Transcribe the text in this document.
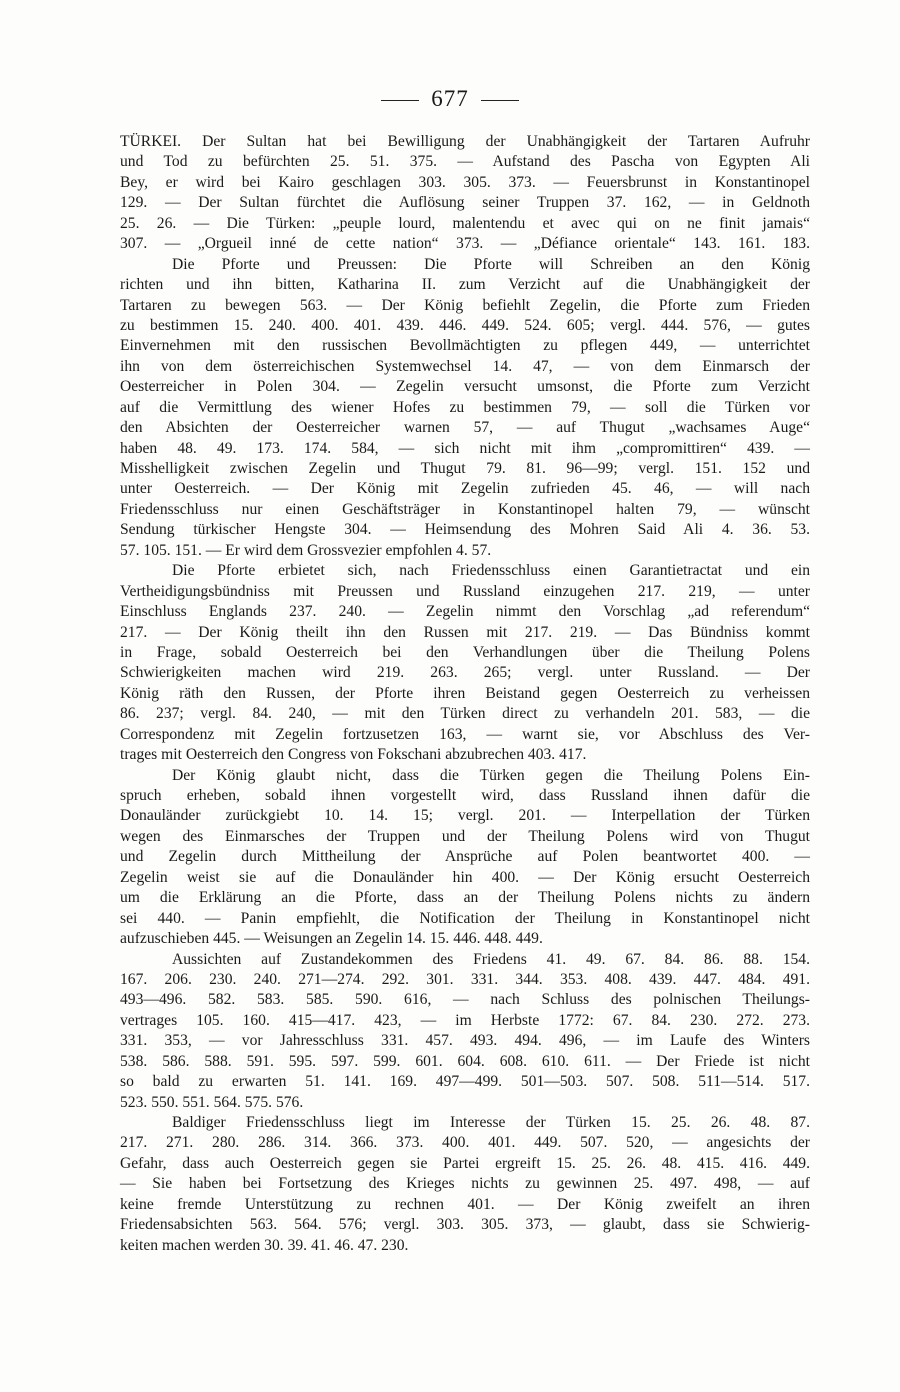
677
TÜRKEI. Der Sultan hat bei Bewilligung der Unabhängigkeit der Tartaren Aufruhr
und Tod zu befürchten 25. 51. 375. — Aufstand des Pascha von Egypten Ali
Bey, er wird bei Kairo geschlagen 303. 305. 373. — Feuersbrunst in Konstantinopel
129. — Der Sultan fürchtet die Auflösung seiner Truppen 37. 162, — in Geldnoth
25. 26. — Die Türken: „peuple lourd, malentendu et avec qui on ne finit jamais“
307. — „Orgueil inné de cette nation“ 373. — „Défiance orientale“ 143. 161. 183.
Die Pforte und Preussen: Die Pforte will Schreiben an den König
richten und ihn bitten, Katharina II. zum Verzicht auf die Unabhängigkeit der
Tartaren zu bewegen 563. — Der König befiehlt Zegelin, die Pforte zum Frieden
zu bestimmen 15. 240. 400. 401. 439. 446. 449. 524. 605; vergl. 444. 576, — gutes
Einvernehmen mit den russischen Bevollmächtigten zu pflegen 449, — unterrichtet
ihn von dem österreichischen Systemwechsel 14. 47, — von dem Einmarsch der
Oesterreicher in Polen 304. — Zegelin versucht umsonst, die Pforte zum Verzicht
auf die Vermittlung des wiener Hofes zu bestimmen 79, — soll die Türken vor
den Absichten der Oesterreicher warnen 57, — auf Thugut „wachsames Auge“
haben 48. 49. 173. 174. 584, — sich nicht mit ihm „compromittiren“ 439. —
Misshelligkeit zwischen Zegelin und Thugut 79. 81. 96—99; vergl. 151. 152 und
unter Oesterreich. — Der König mit Zegelin zufrieden 45. 46, — will nach
Friedensschluss nur einen Geschäftsträger in Konstantinopel halten 79, — wünscht
Sendung türkischer Hengste 304. — Heimsendung des Mohren Said Ali 4. 36. 53.
57. 105. 151. — Er wird dem Grossvezier empfohlen 4. 57.
Die Pforte erbietet sich, nach Friedensschluss einen Garantietractat und ein
Vertheidigungsbündniss mit Preussen und Russland einzugehen 217. 219, — unter
Einschluss Englands 237. 240. — Zegelin nimmt den Vorschlag „ad referendum“
217. — Der König theilt ihn den Russen mit 217. 219. — Das Bündniss kommt
in Frage, sobald Oesterreich bei den Verhandlungen über die Theilung Polens
Schwierigkeiten machen wird 219. 263. 265; vergl. unter Russland. — Der
König räth den Russen, der Pforte ihren Beistand gegen Oesterreich zu verheissen
86. 237; vergl. 84. 240, — mit den Türken direct zu verhandeln 201. 583, — die
Correspondenz mit Zegelin fortzusetzen 163, — warnt sie, vor Abschluss des Ver-
trages mit Oesterreich den Congress von Fokschani abzubrechen 403. 417.
Der König glaubt nicht, dass die Türken gegen die Theilung Polens Ein-
spruch erheben, sobald ihnen vorgestellt wird, dass Russland ihnen dafür die
Donauländer zurückgiebt 10. 14. 15; vergl. 201. — Interpellation der Türken
wegen des Einmarsches der Truppen und der Theilung Polens wird von Thugut
und Zegelin durch Mittheilung der Ansprüche auf Polen beantwortet 400. —
Zegelin weist sie auf die Donauländer hin 400. — Der König ersucht Oesterreich
um die Erklärung an die Pforte, dass an der Theilung Polens nichts zu ändern
sei 440. — Panin empfiehlt, die Notification der Theilung in Konstantinopel nicht
aufzuschieben 445. — Weisungen an Zegelin 14. 15. 446. 448. 449.
Aussichten auf Zustandekommen des Friedens 41. 49. 67. 84. 86. 88. 154.
167. 206. 230. 240. 271—274. 292. 301. 331. 344. 353. 408. 439. 447. 484. 491.
493—496. 582. 583. 585. 590. 616, — nach Schluss des polnischen Theilungs-
vertrages 105. 160. 415—417. 423, — im Herbste 1772: 67. 84. 230. 272. 273.
331. 353, — vor Jahresschluss 331. 457. 493. 494. 496, — im Laufe des Winters
538. 586. 588. 591. 595. 597. 599. 601. 604. 608. 610. 611. — Der Friede ist nicht
so bald zu erwarten 51. 141. 169. 497—499. 501—503. 507. 508. 511—514. 517.
523. 550. 551. 564. 575. 576.
Baldiger Friedensschluss liegt im Interesse der Türken 15. 25. 26. 48. 87.
217. 271. 280. 286. 314. 366. 373. 400. 401. 449. 507. 520, — angesichts der
Gefahr, dass auch Oesterreich gegen sie Partei ergreift 15. 25. 26. 48. 415. 416. 449.
— Sie haben bei Fortsetzung des Krieges nichts zu gewinnen 25. 497. 498, — auf
keine fremde Unterstützung zu rechnen 401. — Der König zweifelt an ihren
Friedensabsichten 563. 564. 576; vergl. 303. 305. 373, — glaubt, dass sie Schwierig-
keiten machen werden 30. 39. 41. 46. 47. 230.
